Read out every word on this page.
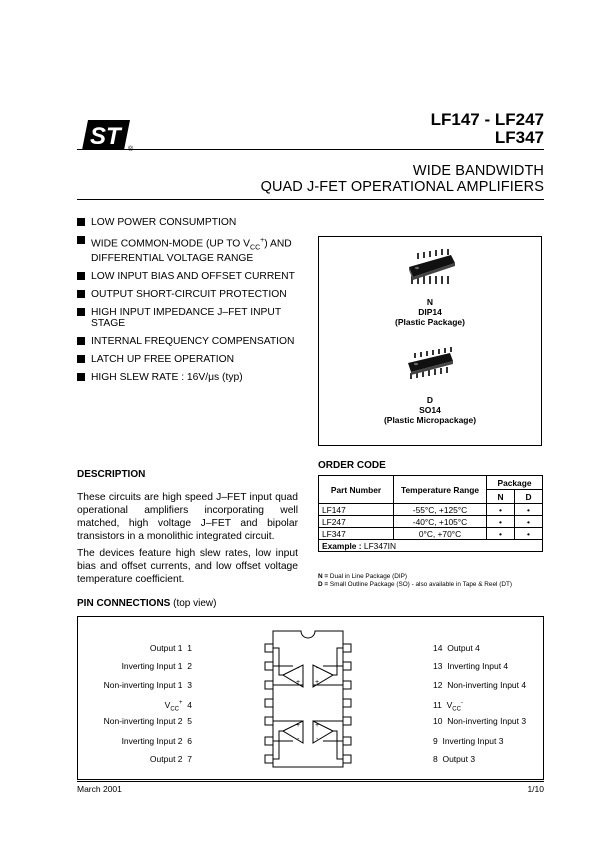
ST	®
LF147 - LF247
LF347
WIDE BANDWIDTH
QUAD J-FET OPERATIONAL AMPLIFIERS
LOW POWER CONSUMPTION
WIDE COMMON-MODE (UP TO $V_{CC}^+$) AND
DIFFERENTIAL VOLTAGE RANGE
LOW INPUT BIAS AND OFFSET CURRENT
OUTPUT SHORT-CIRCUIT PROTECTION
HIGH INPUT IMPEDANCE J–FET INPUT
STAGE
INTERNAL FREQUENCY COMPENSATION
LATCH UP FREE OPERATION
HIGH SLEW RATE : 16V/μs (typ)
N
DIP14
(Plastic Package)
D
SO14
(Plastic Micropackage)
DESCRIPTION

These circuits are high speed J–FET input quad operational amplifiers incorporating well matched, high voltage J–FET and bipolar transistors in a monolithic integrated circuit.

The devices feature high slew rates, low input bias and offset currents, and low offset voltage temperature coefficient.

ORDER CODE
Part Number	Temperature Range	Package	
		N	D
LF147	-55°C, +125°C	•	•
LF247	-40°C, +105°C	•	•
LF347	0°C, +70°C	•	•
Example : LF347IN			
N = Dual in Line Package (DIP)
D = Small Outline Package (SO) - also available in Tape & Reel (DT)
PIN CONNECTIONS (top view)
Output 1 1
Inverting Input 1 2
Non-inverting Input 1 3
$V_{CC}^+$ 4
Non-inverting Input 2 5
Inverting Input 2 6
Output 2 7
14 Output 4
13 Inverting Input 4
12 Non-inverting Input 4
11 $V_{CC}^-$
10 Non-inverting Input 3
9 Inverting Input 3
8 Output 3
-
+
-
+
+
-
+
-
March 2001	1/10
